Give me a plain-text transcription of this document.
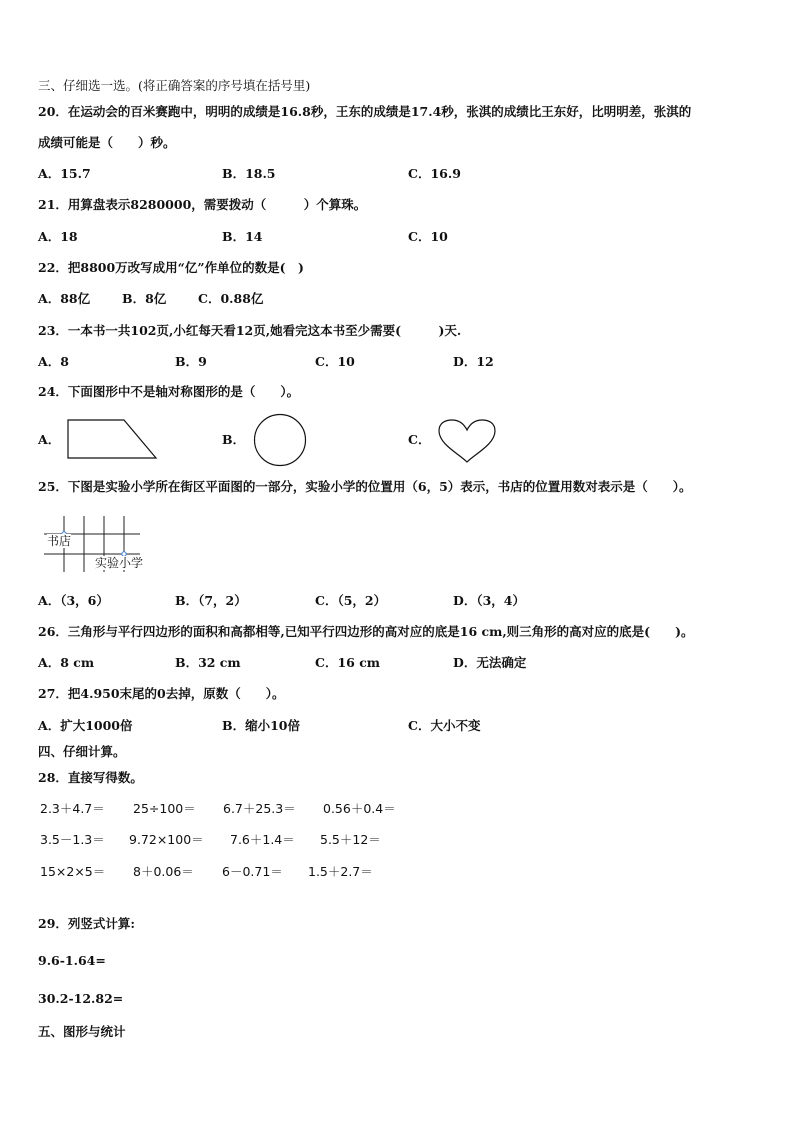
三、仔细选一选。(将正确答案的序号填在括号里)
20．在运动会的百米赛跑中，明明的成绩是16.8秒，王东的成绩是17.4秒，张淇的成绩比王东好，比明明差，张淇的
成绩可能是（　　）秒。
A．15.7	B．18.5	C．16.9
21．用算盘表示8280000，需要拨动（　　　）个算珠。
A．18	B．14	C．10
22．把8800万改写成用“亿”作单位的数是(　)
A．88亿	B．8亿	C．0.88亿
23．一本书一共102页,小红每天看12页,她看完这本书至少需要(　　　)天.
A．8	B．9	C．10	D．12
24．下面图形中不是轴对称图形的是（　　）。
A．	B．	C．
25．下图是实验小学所在街区平面图的一部分，实验小学的位置用（6，5）表示，书店的位置用数对表示是（　　）。
书店
实验小学
A．（3，6）	B．（7，2）	C．（5，2）	D．（3，4）
26．三角形与平行四边形的面积和高都相等,已知平行四边形的高对应的底是16 cm,则三角形的高对应的底是(　　)。
A．8 cm	B．32 cm	C．16 cm	D．无法确定
27．把4.950末尾的0去掉，原数（　　）。
A．扩大1000倍	B．缩小10倍	C．大小不变
四、仔细计算。
28．直接写得数。
2.3＋4.7＝ 25÷100＝ 6.7＋25.3＝ 0.56＋0.4＝
3.5－1.3＝ 9.72×100＝ 7.6＋1.4＝ 5.5＋12＝
15×2×5＝ 8＋0.06＝ 6－0.71＝ 1.5＋2.7＝
29．列竖式计算:
9.6-1.64=
30.2-12.82=
五、图形与统计
